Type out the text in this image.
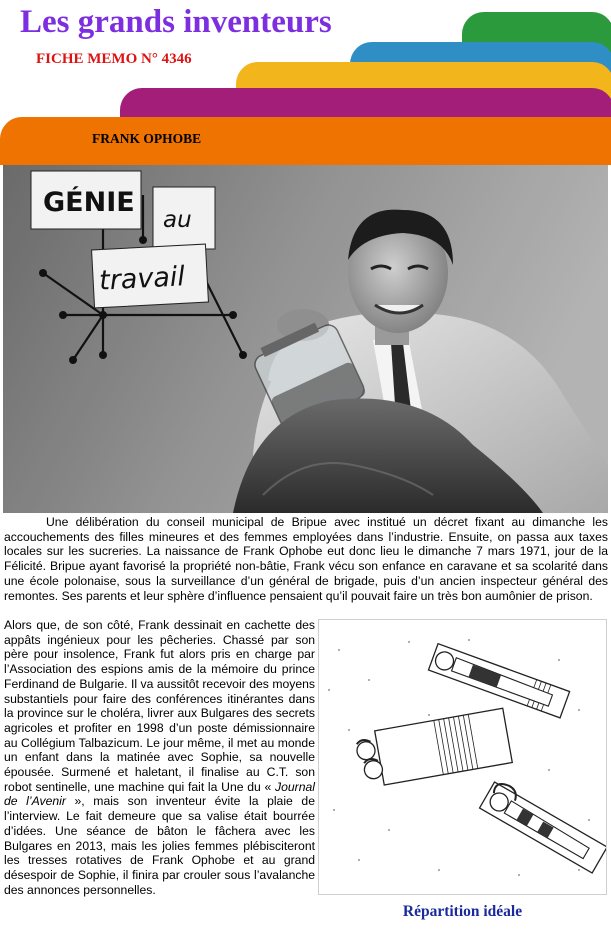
Les grands inventeurs
FICHE MEMO N° 4346
FRANK OPHOBE
GÉNIE
au
travail

Une délibération du conseil municipal de Bripue avec institué un décret fixant au dimanche les accouchements des filles mineures et des femmes employées dans l’industrie. Ensuite, on passa aux taxes locales sur les sucreries. La naissance de Frank Ophobe eut donc lieu le dimanche 7 mars 1971, jour de la Félicité. Bripue ayant favorisé la propriété non-bâtie, Frank vécu son enfance en caravane et sa scolarité dans une école polonaise, sous la surveillance d’un général de brigade, puis d’un ancien inspecteur général des remontes. Ses parents et leur sphère d’influence pensaient qu’il pouvait faire un très bon aumônier de prison.

Alors que, de son côté, Frank dessinait en cachette des appâts ingénieux pour les pêcheries. Chassé par son père pour insolence, Frank fut alors pris en charge par l’Association des espions amis de la mémoire du prince Ferdinand de Bulgarie. Il va aussitôt recevoir des moyens substantiels pour faire des conférences itinérantes dans la province sur le choléra, livrer aux Bulgares des secrets agricoles et profiter en 1998 d’un poste démissionnaire au Collégium Talbazicum. Le jour même, il met au monde un enfant dans la matinée avec Sophie, sa nouvelle épousée. Surmené et haletant, il finalise au C.T. son robot sentinelle, une machine qui fait la Une du « Journal de l’Avenir », mais son inventeur évite la plaie de l’interview. Le fait demeure que sa valise était bourrée d’idées. Une séance de bâton le fâchera avec les Bulgares en 2013, mais les jolies femmes plébisciteront les tresses rotatives de Frank Ophobe et au grand désespoir de Sophie, il finira par crouler sous l’avalanche des annonces personnelles.
Répartition idéale
